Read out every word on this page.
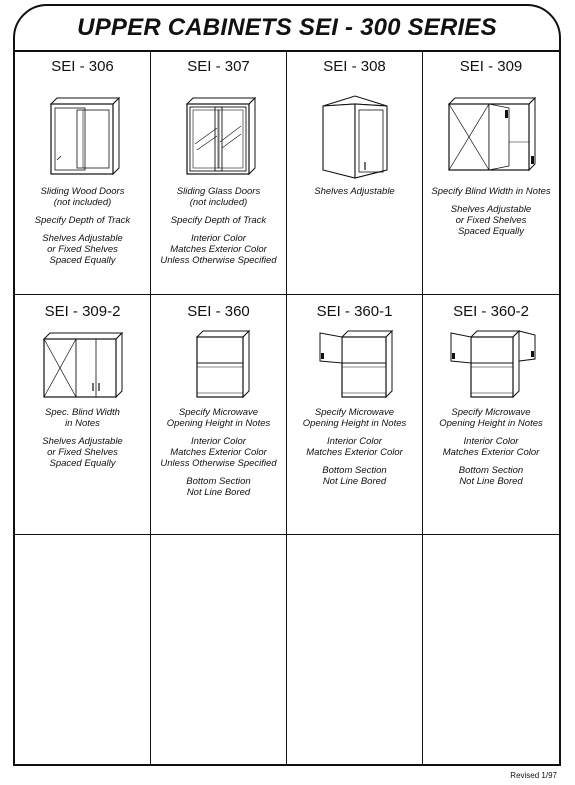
UPPER CABINETS SEI - 300 SERIES
SEI - 306
Sliding Wood Doors
(not included)
Specify Depth of Track
Shelves Adjustable
or Fixed Shelves
Spaced Equally
SEI - 307
Sliding Glass Doors
(not included)
Specify Depth of Track
Interior Color
Matches Exterior Color
Unless Otherwise Specified
SEI - 308
Shelves Adjustable
SEI - 309
Specify Blind Width in Notes
Shelves Adjustable
or Fixed Shelves
Spaced Equally
SEI - 309-2
Spec. Blind Width
in Notes
Shelves Adjustable
or Fixed Shelves
Spaced Equally
SEI - 360
Specify Microwave
Opening Height in Notes
Interior Color
Matches Exterior Color
Unless Otherwise Specified
Bottom Section
Not Line Bored
SEI - 360-1
Specify Microwave
Opening Height in Notes
Interior Color
Matches Exterior Color
Bottom Section
Not Line Bored
SEI - 360-2
Specify Microwave
Opening Height in Notes
Interior Color
Matches Exterior Color
Bottom Section
Not Line Bored
Revised 1/97
